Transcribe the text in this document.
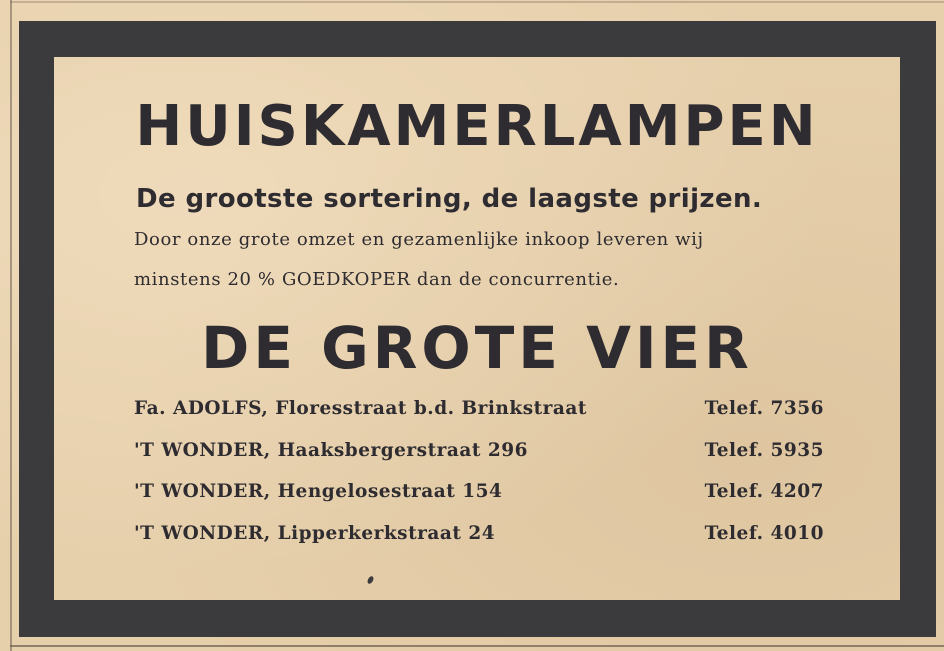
HUISKAMERLAMPEN
De grootste sortering, de laagste prijzen.
Door onze grote omzet en gezamenlijke inkoop leveren wij
minstens 20 % GOEDKOPER dan de concurrentie.
DE GROTE VIER
Fa. ADOLFS, Floresstraat b.d. Brinkstraat	Telef. 7356
'T WONDER, Haaksbergerstraat 296	Telef. 5935
'T WONDER, Hengelosestraat 154	Telef. 4207
'T WONDER, Lipperkerkstraat 24	Telef. 4010
